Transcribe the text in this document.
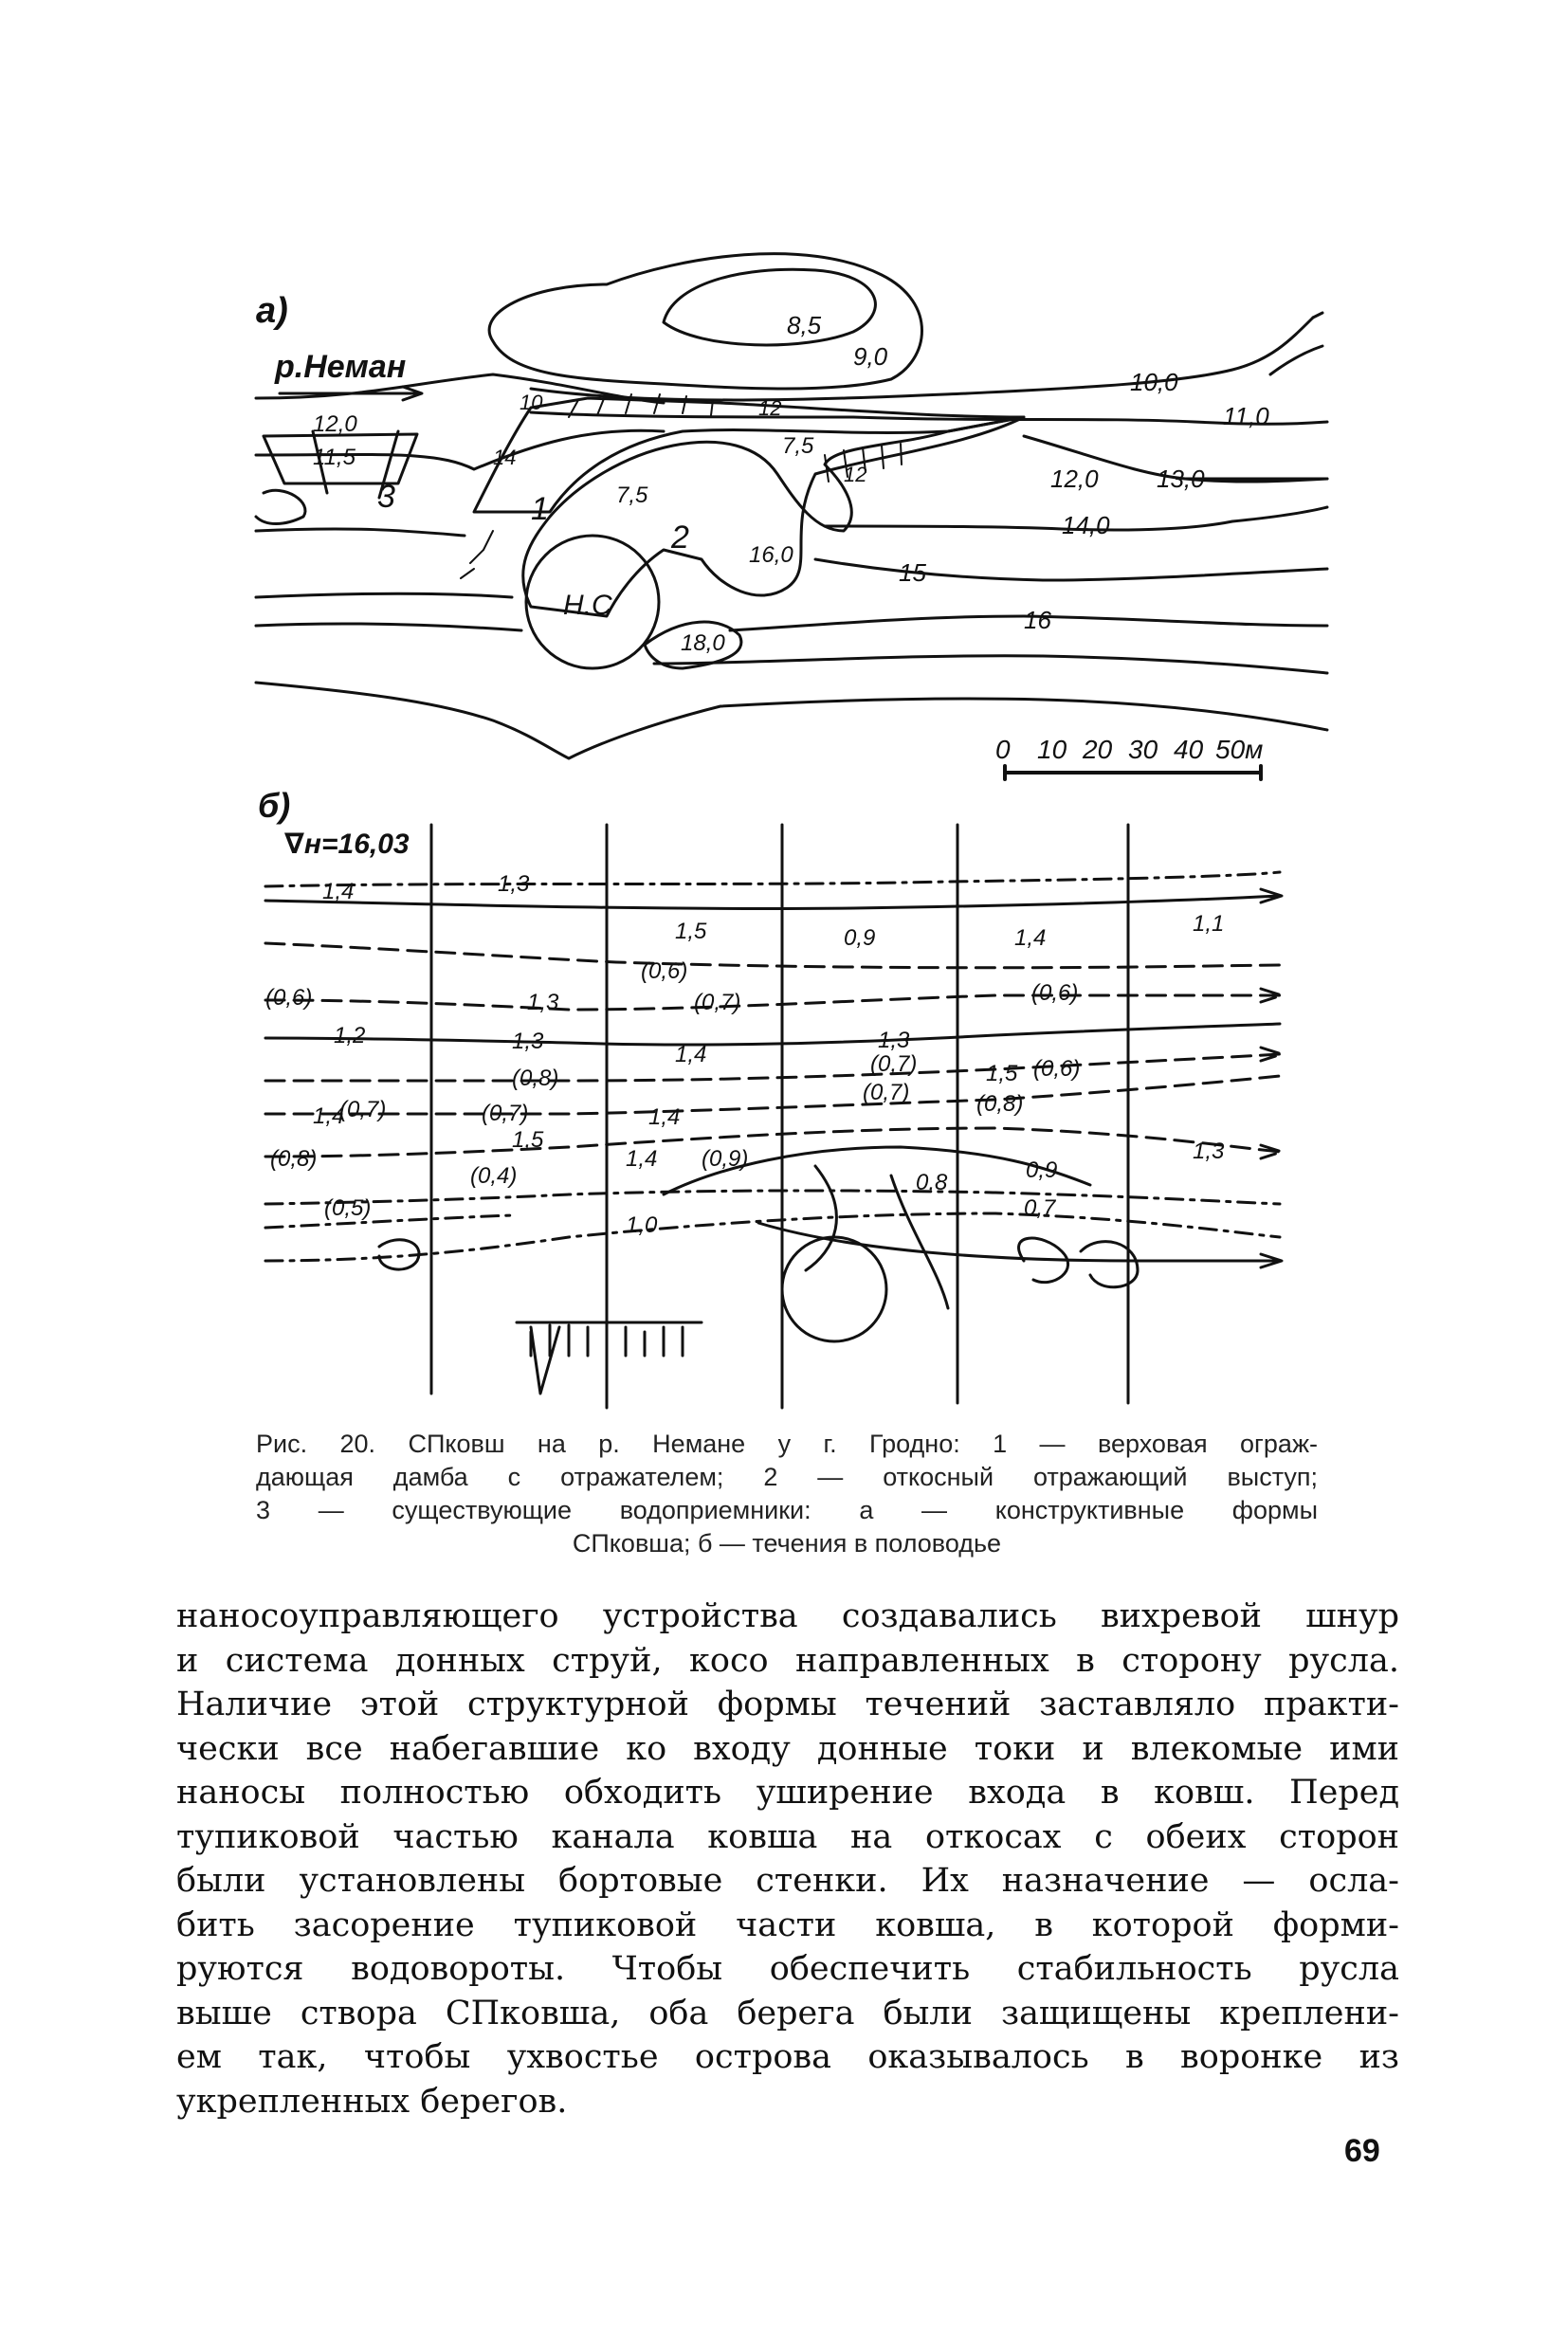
а)
р.Неман
Н.С
8,5
9,0
10,0
11,0
12,0 13,0
14,0
15
16
12,0
11,5	7,5
7,5
16,0
18,0
1
2
3
10
14
12
12
0 10 20 30 40 50м
б)
∇н=16,03
1,4	1,3
1,5	0,9	1,4
1,1
(0,6)
(0,6)	(0,7)	(0,6)
1,3
1,2	1,3
1,4
1,3
(0,7)	1,5 (0,6)
(0,8)
(0,7)	(0,8)
1,4
(0,7)	(0,7)	1,4
1,5	1,3
(0,8)
(0,4)
1,4
(0,5)
(0,9)
0,8	0,9
0,7
1,0
Рис. 20. СПковш на р. Немане у г. Гродно: 1 — верховая ограж-
дающая дамба с отражателем; 2 — откосный отражающий выступ;
3 — существующие водоприемники: а — конструктивные формы
СПковша; б — течения в половодье
наносоуправляющего устройства создавались вихревой шнур
и система донных струй, косо направленных в сторону русла.
Наличие этой структурной формы течений заставляло практи-
чески все набегавшие ко входу донные токи и влекомые ими
наносы полностью обходить уширение входа в ковш. Перед
тупиковой частью канала ковша на откосах с обеих сторон
были установлены бортовые стенки. Их назначение — осла-
бить засорение тупиковой части ковша, в которой форми-
руются водовороты. Чтобы обеспечить стабильность русла
выше створа СПковша, оба берега были защищены креплени-
ем так, чтобы ухвостье острова оказывалось в воронке из
укрепленных берегов.
69
